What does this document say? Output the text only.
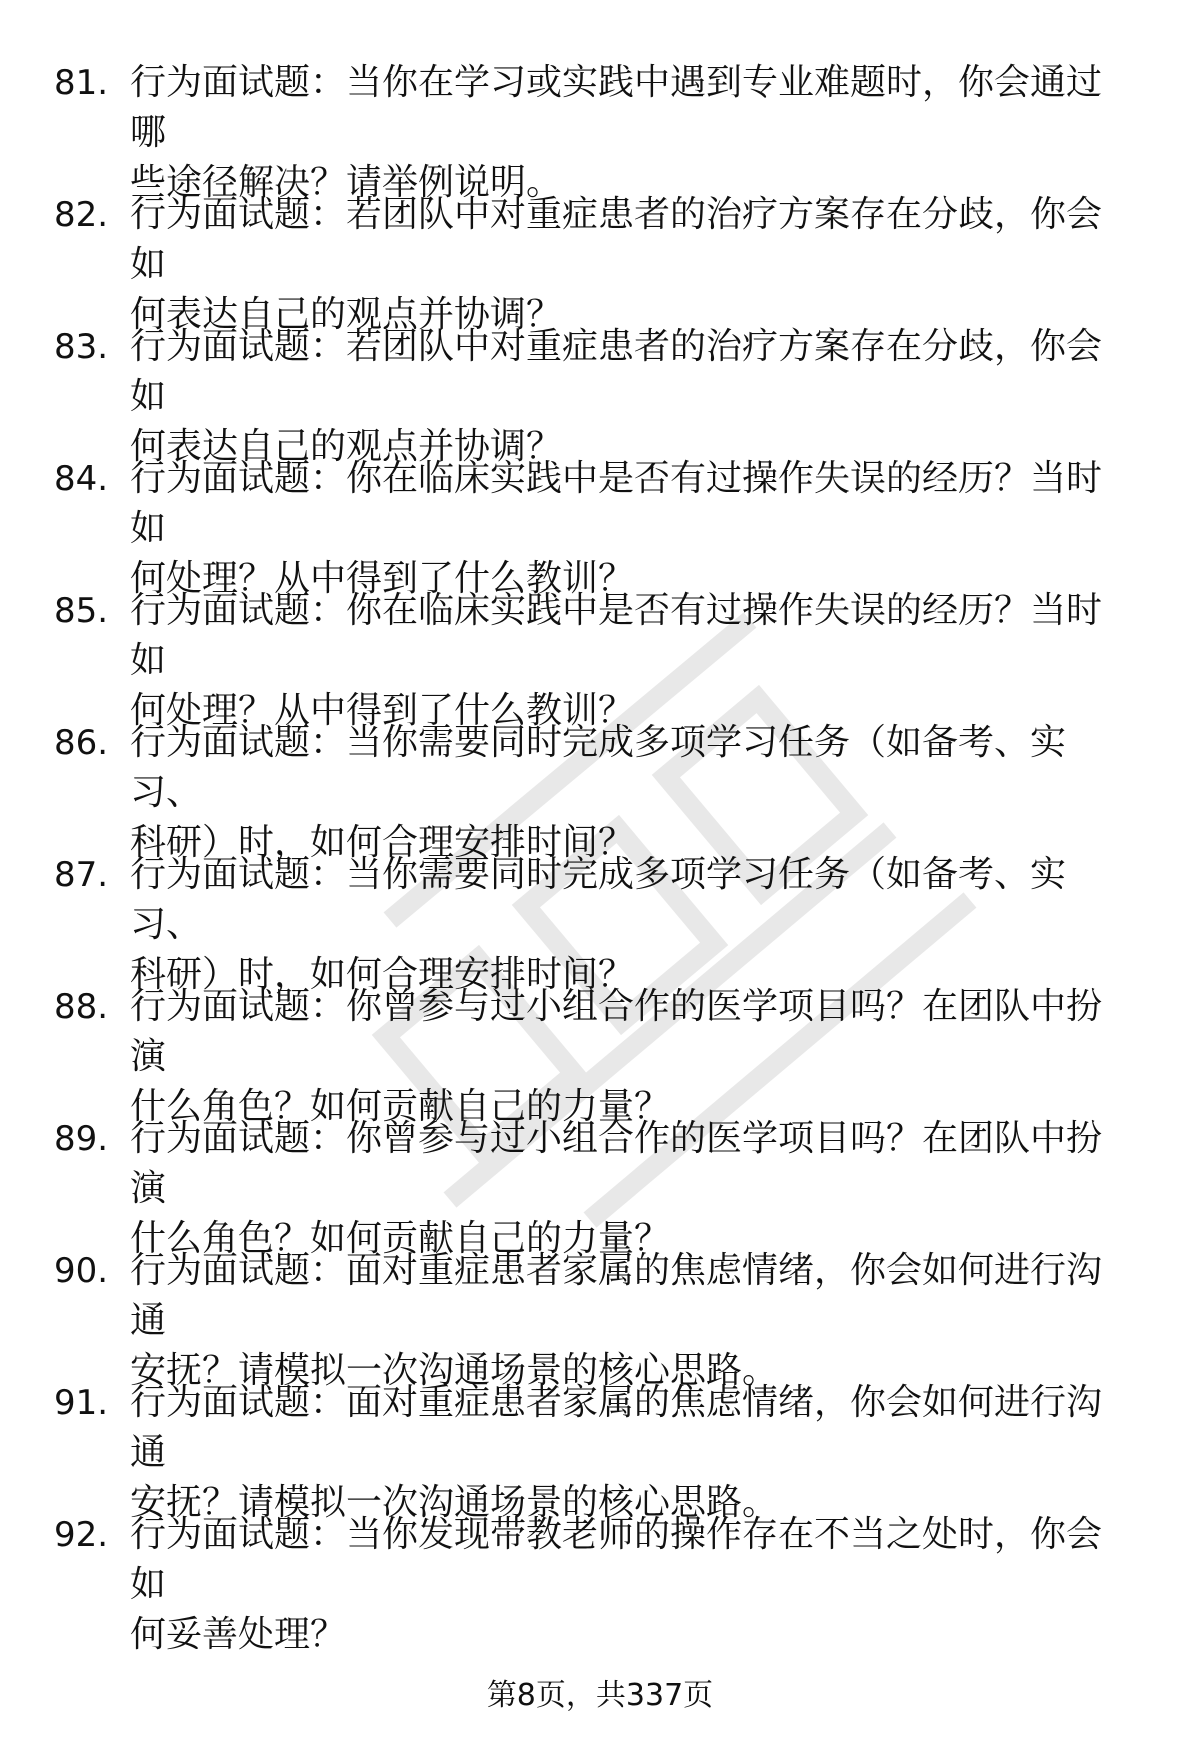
81. 行为面试题：当你在学习或实践中遇到专业难题时，你会通过哪
些途径解决？请举例说明。
82. 行为面试题：若团队中对重症患者的治疗方案存在分歧，你会如
何表达自己的观点并协调？
83. 行为面试题：若团队中对重症患者的治疗方案存在分歧，你会如
何表达自己的观点并协调？
84. 行为面试题：你在临床实践中是否有过操作失误的经历？当时如
何处理？从中得到了什么教训？
85. 行为面试题：你在临床实践中是否有过操作失误的经历？当时如
何处理？从中得到了什么教训？
86. 行为面试题：当你需要同时完成多项学习任务（如备考、实习、
科研）时，如何合理安排时间？
87. 行为面试题：当你需要同时完成多项学习任务（如备考、实习、
科研）时，如何合理安排时间？
88. 行为面试题：你曾参与过小组合作的医学项目吗？在团队中扮演
什么角色？如何贡献自己的力量？
89. 行为面试题：你曾参与过小组合作的医学项目吗？在团队中扮演
什么角色？如何贡献自己的力量？
90. 行为面试题：面对重症患者家属的焦虑情绪，你会如何进行沟通
安抚？请模拟一次沟通场景的核心思路。
91. 行为面试题：面对重症患者家属的焦虑情绪，你会如何进行沟通
安抚？请模拟一次沟通场景的核心思路。
92. 行为面试题：当你发现带教老师的操作存在不当之处时，你会如
何妥善处理？
第8页，共337页
